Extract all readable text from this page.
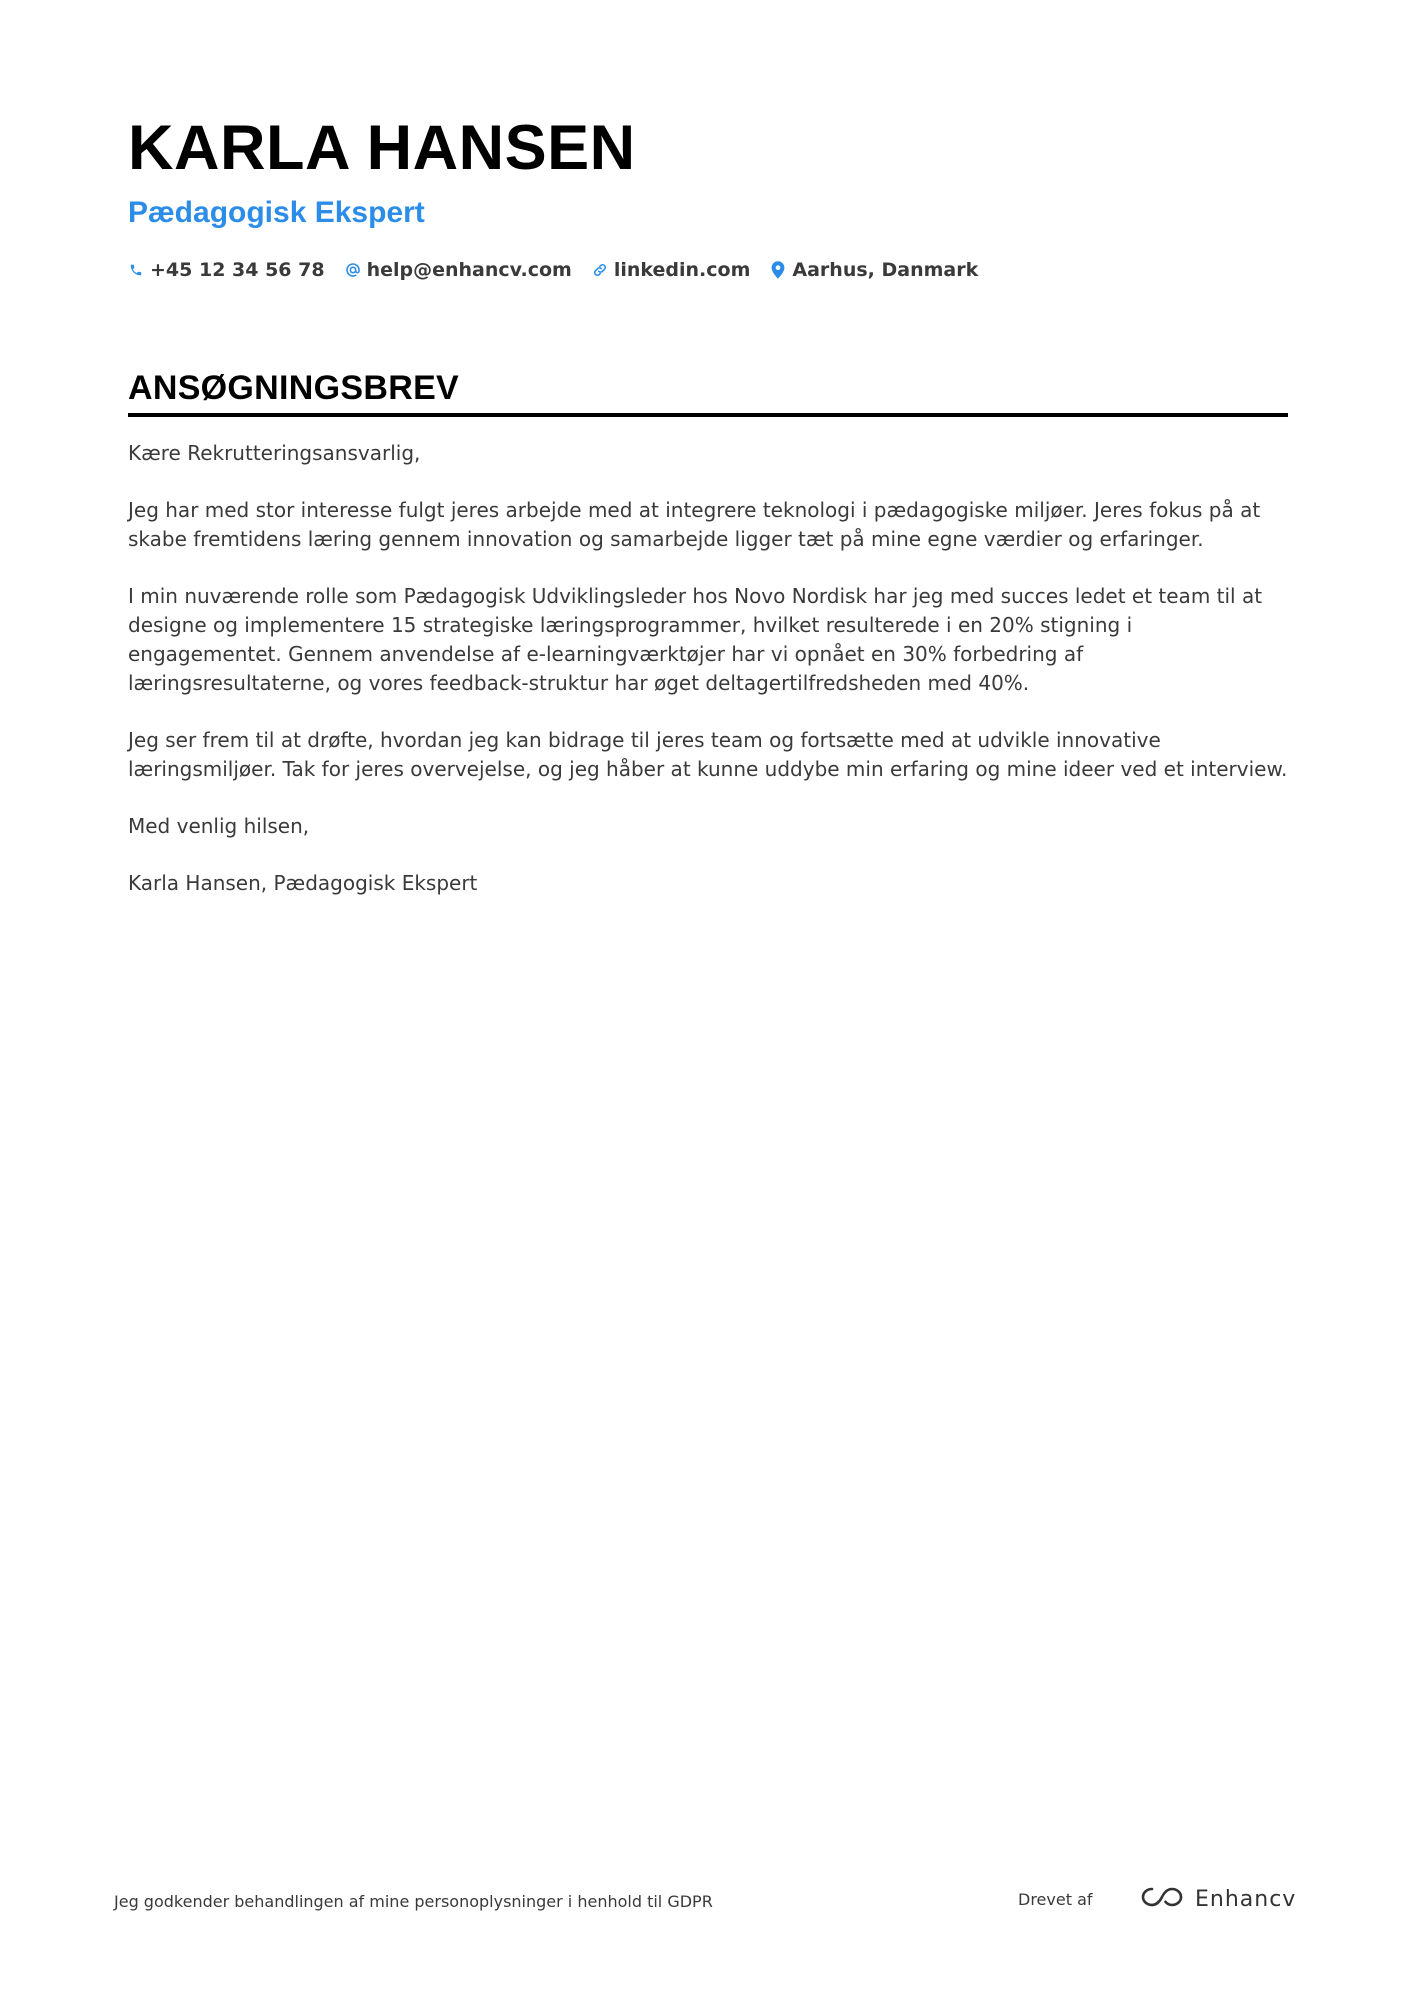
KARLA HANSEN
Pædagogisk Ekspert
+45 12 34 56 78 help@enhancv.com linkedin.com Aarhus, Danmark
ANSØGNINGSBREV

Kære Rekrutteringsansvarlig,

Jeg har med stor interesse fulgt jeres arbejde med at integrere teknologi i pædagogiske miljøer. Jeres fokus på at skabe fremtidens læring gennem innovation og samarbejde ligger tæt på mine egne værdier og erfaringer.

I min nuværende rolle som Pædagogisk Udviklingsleder hos Novo Nordisk har jeg med succes ledet et team til at designe og implementere 15 strategiske læringsprogrammer, hvilket resulterede i en 20% stigning i engagementet. Gennem anvendelse af e-learningværktøjer har vi opnået en 30% forbedring af læringsresultaterne, og vores feedback-struktur har øget deltagertilfredsheden med 40%.

Jeg ser frem til at drøfte, hvordan jeg kan bidrage til jeres team og fortsætte med at udvikle innovative læringsmiljøer. Tak for jeres overvejelse, og jeg håber at kunne uddybe min erfaring og mine ideer ved et interview.

Med venlig hilsen,

Karla Hansen, Pædagogisk Ekspert

Jeg godkender behandlingen af mine personoplysninger i henhold til GDPR	Drevet af	Enhancv
